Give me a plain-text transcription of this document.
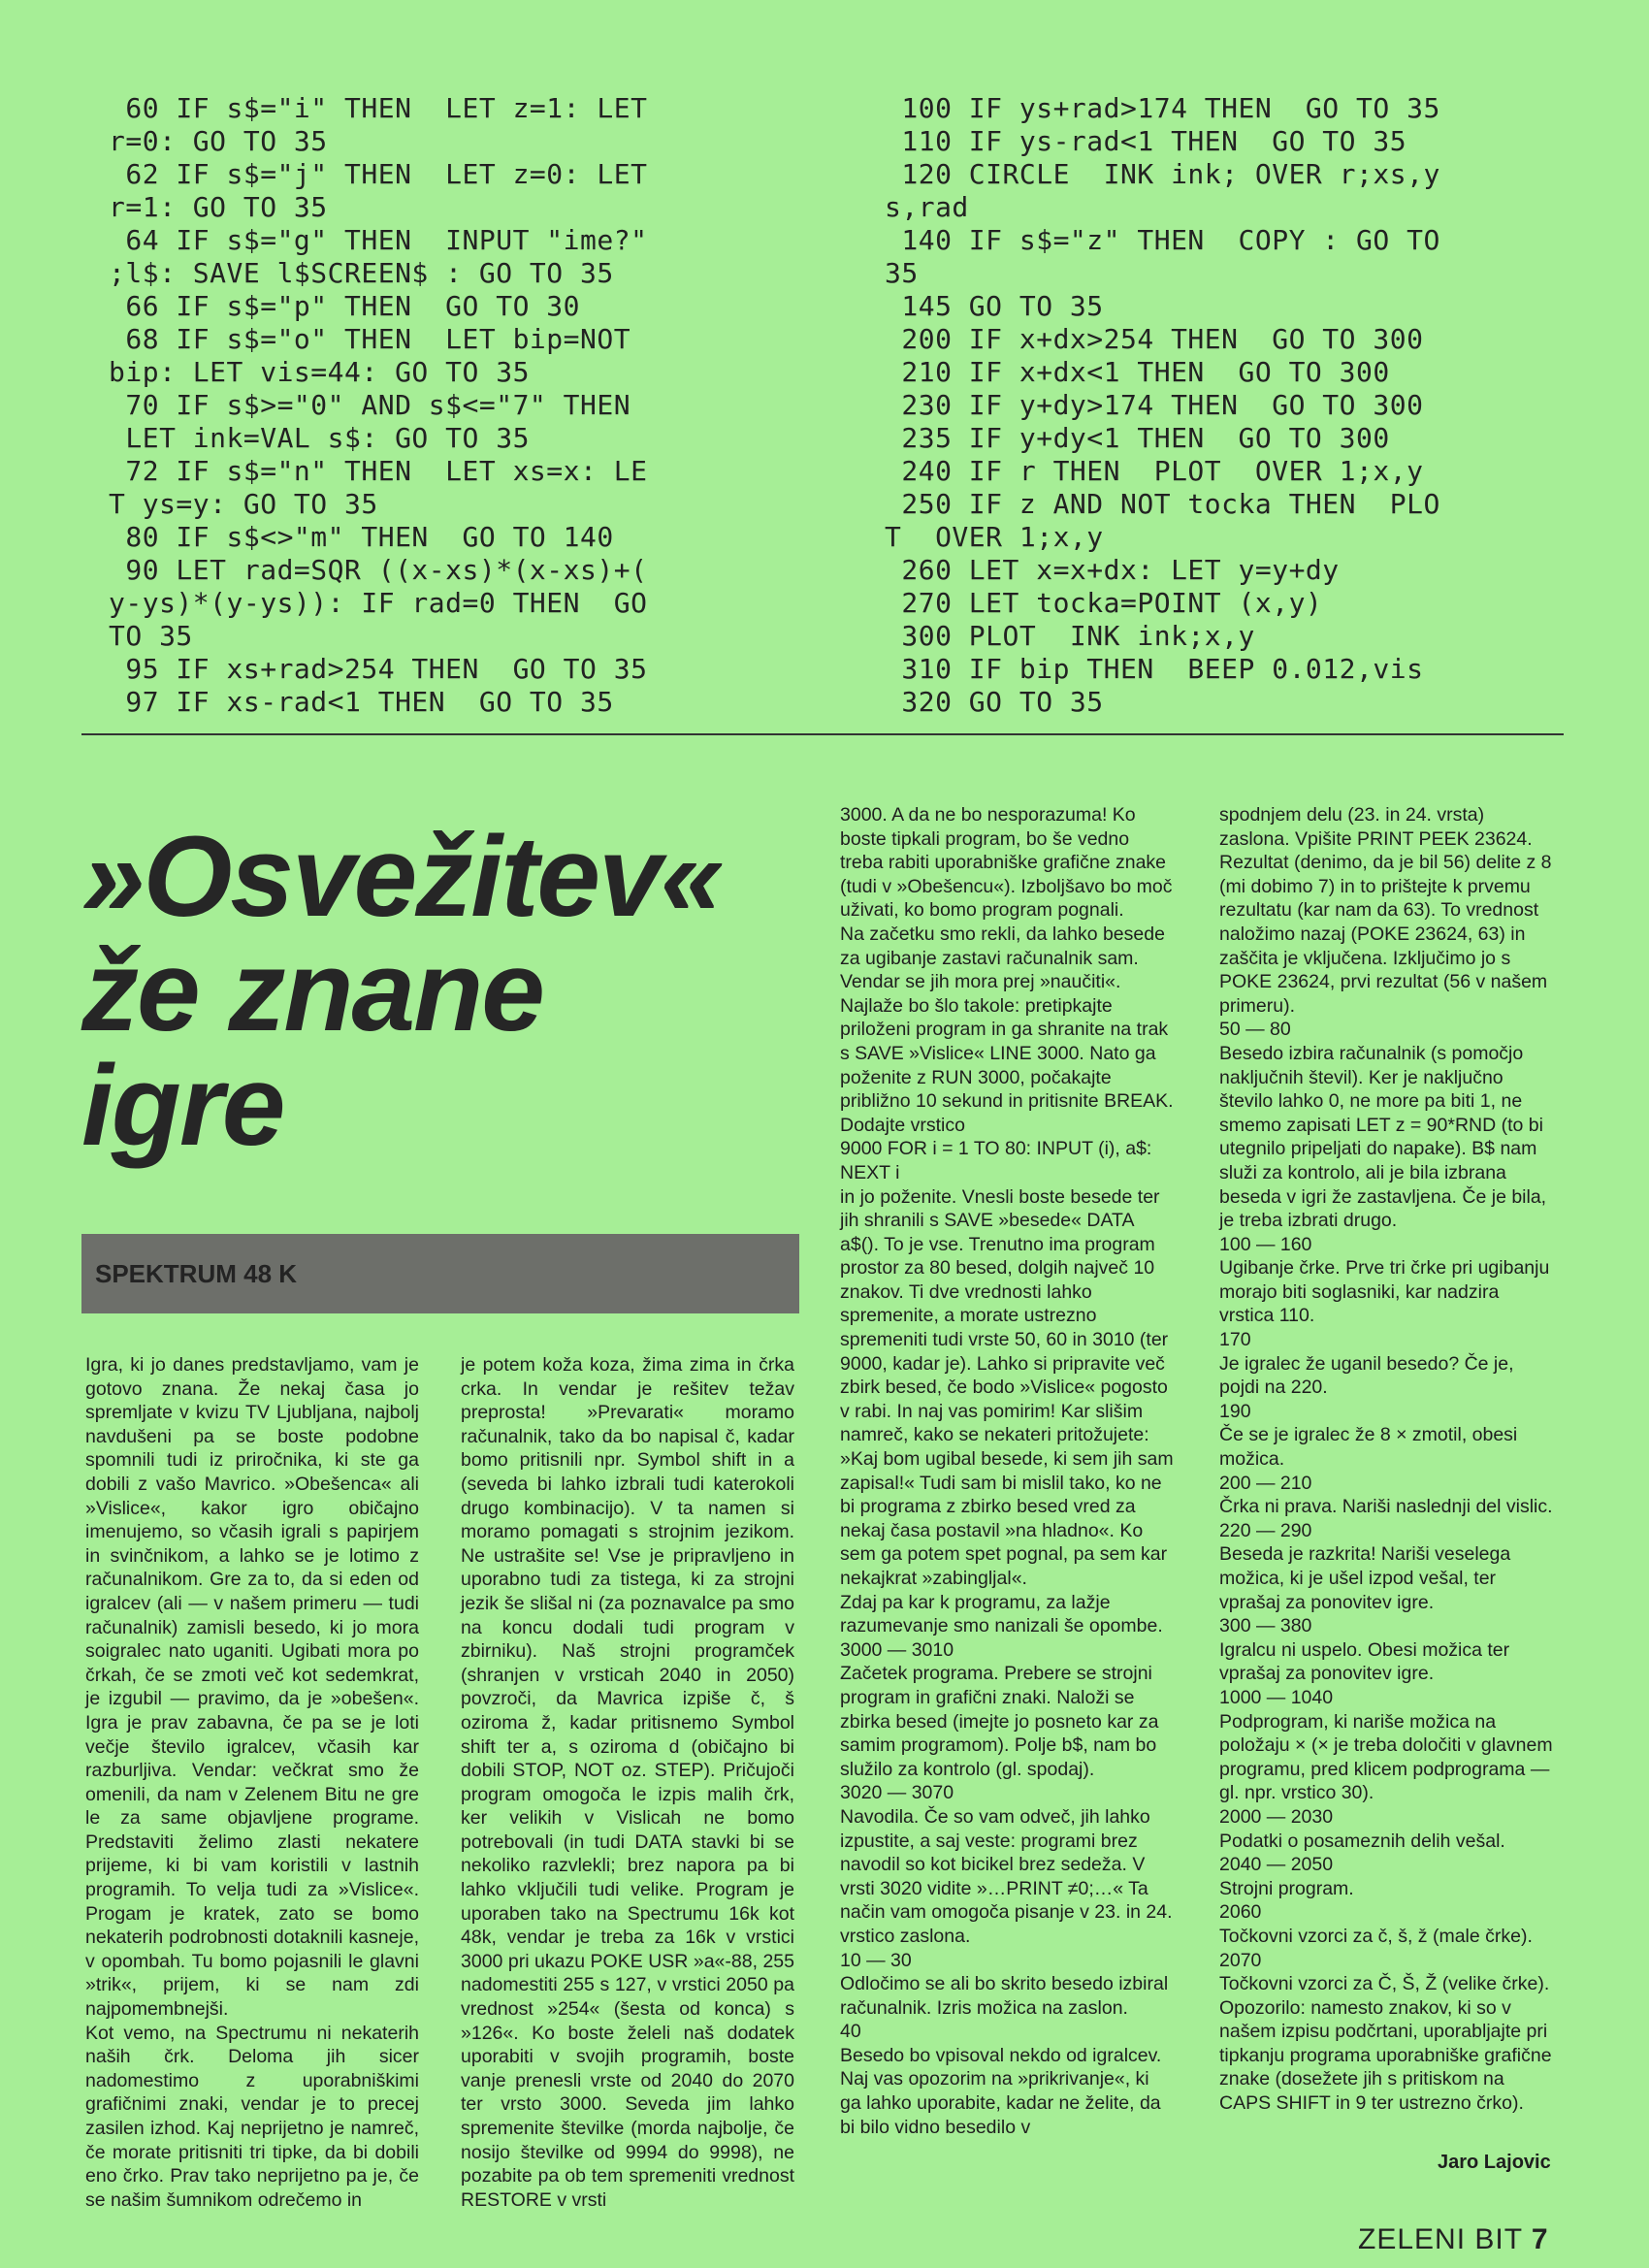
60 IF s$="i" THEN  LET z=1: LET
r=0: GO TO 35
62 IF s$="j" THEN  LET z=0: LET
r=1: GO TO 35
64 IF s$="g" THEN  INPUT "ime?"
;l$: SAVE l$SCREEN$ : GO TO 35
66 IF s$="p" THEN  GO TO 30
68 IF s$="o" THEN  LET bip=NOT
bip: LET vis=44: GO TO 35
70 IF s$>="0" AND s$<="7" THEN
LET ink=VAL s$: GO TO 35
72 IF s$="n" THEN  LET xs=x: LE
T ys=y: GO TO 35
80 IF s$<>"m" THEN  GO TO 140
90 LET rad=SQR ((x-xs)*(x-xs)+(
y-ys)*(y-ys)): IF rad=0 THEN  GO
TO 35
95 IF xs+rad>254 THEN  GO TO 35
97 IF xs-rad<1 THEN  GO TO 35
100 IF ys+rad>174 THEN  GO TO 35
110 IF ys-rad<1 THEN  GO TO 35
120 CIRCLE  INK ink; OVER r;xs,y
s,rad
140 IF s$="z" THEN  COPY : GO TO
35
145 GO TO 35
200 IF x+dx>254 THEN  GO TO 300
210 IF x+dx<1 THEN  GO TO 300
230 IF y+dy>174 THEN  GO TO 300
235 IF y+dy<1 THEN  GO TO 300
240 IF r THEN  PLOT  OVER 1;x,y
250 IF z AND NOT tocka THEN  PLO
T  OVER 1;x,y
260 LET x=x+dx: LET y=y+dy
270 LET tocka=POINT (x,y)
300 PLOT  INK ink;x,y
310 IF bip THEN  BEEP 0.012,vis
320 GO TO 35
»Osvežitev«
že znane
igre
SPEKTRUM 48 K

Igra, ki jo danes predstavljamo, vam je gotovo znana. Že nekaj časa jo spremljate v kvizu TV Ljubljana, najbolj navdušeni pa se boste podobne spomnili tudi iz priročnika, ki ste ga dobili z vašo Mavrico. »Obešenca« ali »Vislice«, kakor igro običajno imenujemo, so včasih igrali s papirjem in svinčnikom, a lahko se je lotimo z računalnikom. Gre za to, da si eden od igralcev (ali — v našem primeru — tudi računalnik) zamisli besedo, ki jo mora soigralec nato uganiti. Ugibati mora po črkah, če se zmoti več kot sedemkrat, je izgubil — pravimo, da je »obešen«. Igra je prav zabavna, če pa se je loti večje število igralcev, včasih kar razburljiva. Vendar: večkrat smo že omenili, da nam v Zelenem Bitu ne gre le za same objavljene programe. Predstaviti želimo zlasti nekatere prijeme, ki bi vam koristili v lastnih programih. To velja tudi za »Vislice«. Progam je kratek, zato se bomo nekaterih podrobnosti dotaknili kasneje, v opombah. Tu bomo pojasnili le glavni »trik«, prijem, ki se nam zdi najpomembnejši.

Kot vemo, na Spectrumu ni nekaterih naših črk. Deloma jih sicer nadomestimo z uporabniškimi grafičnimi znaki, vendar je to precej zasilen izhod. Kaj neprijetno je namreč, če morate pritisniti tri tipke, da bi dobili eno črko. Prav tako neprijetno pa je, če se našim šumnikom odrečemo in

je potem koža koza, žima zima in črka crka. In vendar je rešitev težav preprosta! »Prevarati« moramo računalnik, tako da bo napisal č, kadar bomo pritisnili npr. Symbol shift in a (seveda bi lahko izbrali tudi katerokoli drugo kombinacijo). V ta namen si moramo pomagati s strojnim jezikom. Ne ustrašite se! Vse je pripravljeno in uporabno tudi za tistega, ki za strojni jezik še slišal ni (za poznavalce pa smo na koncu dodali tudi program v zbirniku). Naš strojni programček (shranjen v vrsticah 2040 in 2050) povzroči, da Mavrica izpiše č, š oziroma ž, kadar pritisnemo Symbol shift ter a, s oziroma d (običajno bi dobili STOP, NOT oz. STEP). Pričujoči program omogoča le izpis malih črk, ker velikih v Vislicah ne bomo potrebovali (in tudi DATA stavki bi se nekoliko razvlekli; brez napora pa bi lahko vključili tudi velike. Program je uporaben tako na Spectrumu 16k kot 48k, vendar je treba za 16k v vrstici 3000 pri ukazu POKE USR »a«-88, 255 nadomestiti 255 s 127, v vrstici 2050 pa vrednost »254« (šesta od konca) s »126«. Ko boste želeli naš dodatek uporabiti v svojih programih, boste vanje prenesli vrste od 2040 do 2070 ter vrsto 3000. Seveda jim lahko spremenite številke (morda najbolje, če nosijo številke od 9994 do 9998), ne pozabite pa ob tem spremeniti vrednost RESTORE v vrsti

3000. A da ne bo nesporazuma! Ko boste tipkali program, bo še vedno treba rabiti uporabniške grafične znake (tudi v »Obešencu«). Izboljšavo bo moč uživati, ko bomo program pognali.

Na začetku smo rekli, da lahko besede za ugibanje zastavi računalnik sam. Vendar se jih mora prej »naučiti«. Najlaže bo šlo takole: pretipkajte priloženi program in ga shranite na trak s SAVE »Vislice« LINE 3000. Nato ga poženite z RUN 3000, počakajte približno 10 sekund in pritisnite BREAK. Dodajte vrstico

9000 FOR i = 1 TO 80: INPUT (i), a$: NEXT i

in jo poženite. Vnesli boste besede ter jih shranili s SAVE »besede« DATA a$(). To je vse. Trenutno ima program prostor za 80 besed, dolgih največ 10 znakov. Ti dve vrednosti lahko spremenite, a morate ustrezno spremeniti tudi vrste 50, 60 in 3010 (ter 9000, kadar je). Lahko si pripravite več zbirk besed, če bodo »Vislice« pogosto v rabi. In naj vas pomirim! Kar slišim namreč, kako se nekateri pritožujete: »Kaj bom ugibal besede, ki sem jih sam zapisal!« Tudi sam bi mislil tako, ko ne bi programa z zbirko besed vred za nekaj časa postavil »na hladno«. Ko sem ga potem spet pognal, pa sem kar nekajkrat »zabingljal«.

Zdaj pa kar k programu, za lažje razumevanje smo nanizali še opombe.

3000 — 3010

Začetek programa. Prebere se strojni program in grafični znaki. Naloži se zbirka besed (imejte jo posneto kar za samim programom). Polje b$, nam bo služilo za kontrolo (gl. spodaj).

3020 — 3070

Navodila. Če so vam odveč, jih lahko izpustite, a saj veste: programi brez navodil so kot bicikel brez sedeža. V vrsti 3020 vidite »…PRINT ≠0;…« Ta način vam omogoča pisanje v 23. in 24. vrstico zaslona.

10 — 30

Odločimo se ali bo skrito besedo izbiral računalnik. Izris možica na zaslon.

40

Besedo bo vpisoval nekdo od igralcev. Naj vas opozorim na »prikrivanje«, ki ga lahko uporabite, kadar ne želite, da bi bilo vidno besedilo v

spodnjem delu (23. in 24. vrsta) zaslona. Vpišite PRINT PEEK 23624. Rezultat (denimo, da je bil 56) delite z 8 (mi dobimo 7) in to prištejte k prvemu rezultatu (kar nam da 63). To vrednost naložimo nazaj (POKE 23624, 63) in zaščita je vključena. Izključimo jo s POKE 23624, prvi rezultat (56 v našem primeru).

50 — 80

Besedo izbira računalnik (s pomočjo naključnih števil). Ker je naključno število lahko 0, ne more pa biti 1, ne smemo zapisati LET z = 90*RND (to bi utegnilo pripeljati do napake). B$ nam služi za kontrolo, ali je bila izbrana beseda v igri že zastavljena. Če je bila, je treba izbrati drugo.

100 — 160

Ugibanje črke. Prve tri črke pri ugibanju morajo biti soglasniki, kar nadzira vrstica 110.

170

Je igralec že uganil besedo? Če je, pojdi na 220.

190

Če se je igralec že 8 × zmotil, obesi možica.

200 — 210

Črka ni prava. Nariši naslednji del vislic.

220 — 290

Beseda je razkrita! Nariši veselega možica, ki je ušel izpod vešal, ter vprašaj za ponovitev igre.

300 — 380

Igralcu ni uspelo. Obesi možica ter vprašaj za ponovitev igre.

1000 — 1040

Podprogram, ki nariše možica na položaju × (× je treba določiti v glavnem programu, pred klicem podprograma — gl. npr. vrstico 30).

2000 — 2030

Podatki o posameznih delih vešal.

2040 — 2050

Strojni program.

2060

Točkovni vzorci za č, š, ž (male črke).

2070

Točkovni vzorci za Č, Š, Ž (velike črke).

Opozorilo: namesto znakov, ki so v našem izpisu podčrtani, uporabljajte pri tipkanju programa uporabniške grafične znake (dosežete jih s pritiskom na CAPS SHIFT in 9 ter ustrezno črko).

Jaro Lajovic
ZELENI BIT 7
